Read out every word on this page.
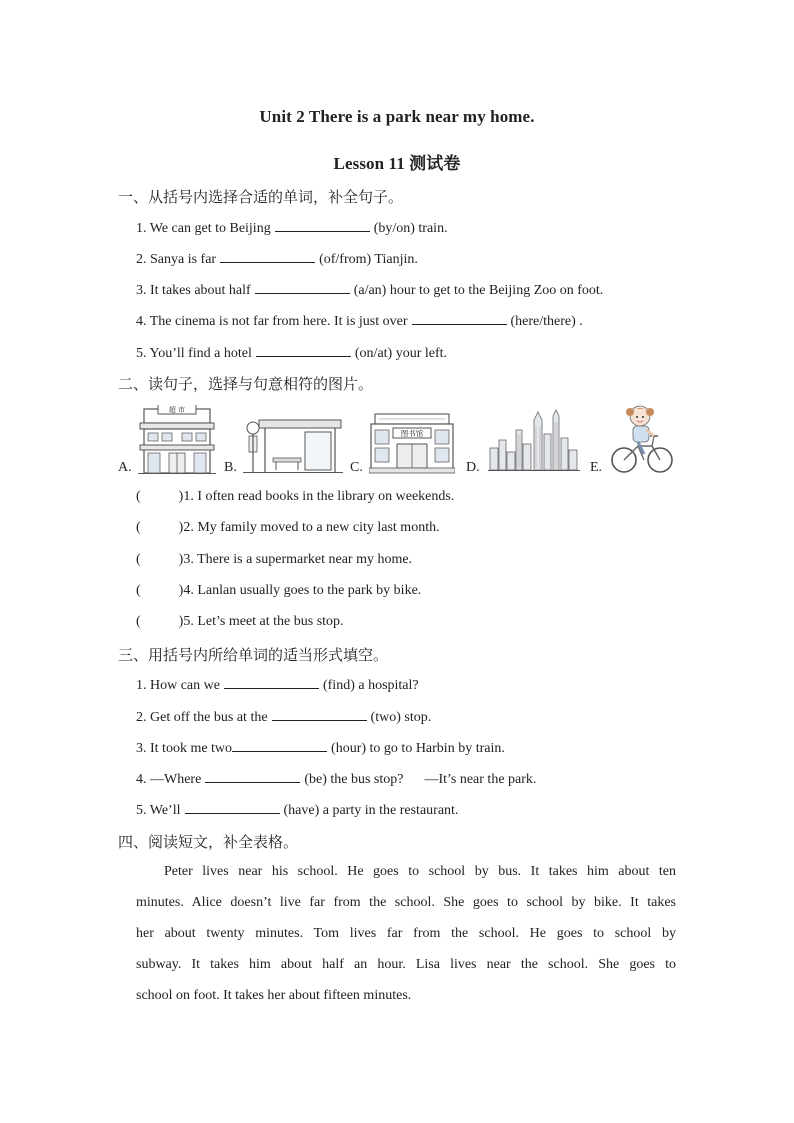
Unit 2 There is a park near my home.
Lesson 11 测试卷
一、从括号内选择合适的单词，补全句子。
1. We can get to Beijing	(by/on) train.
2. Sanya is far	(of/from) Tianjin.
3. It takes about half	(a/an) hour to get to the Beijing Zoo on foot.
4. The cinema is not far from here. It is just over	(here/there) .
5. You’ll find a hotel	(on/at) your left.
二、读句子，选择与句意相符的图片。
A.
超 市
B.	C.
图书馆
D.	E.
(	)1. I often read books in the library on weekends.
(	)2. My family moved to a new city last month.
(	)3. There is a supermarket near my home.
(	)4. Lanlan usually goes to the park by bike.
(	)5. Let’s meet at the bus stop.
三、用括号内所给单词的适当形式填空。
1. How can we	(find) a hospital?
2. Get off the bus at the	(two) stop.
3. It took me two	(hour) to go to Harbin by train.
4. —Where	(be) the bus stop?      —It’s near the park.
5. We’ll	(have) a party in the restaurant.
四、阅读短文，补全表格。
Peter lives near his school. He goes to school by bus. It takes him about ten
minutes. Alice doesn’t live far from the school. She goes to school by bike. It takes
her about twenty minutes. Tom lives far from the school. He goes to school by
subway. It takes him about half an hour. Lisa lives near the school. She goes to
school on foot. It takes her about fifteen minutes.
